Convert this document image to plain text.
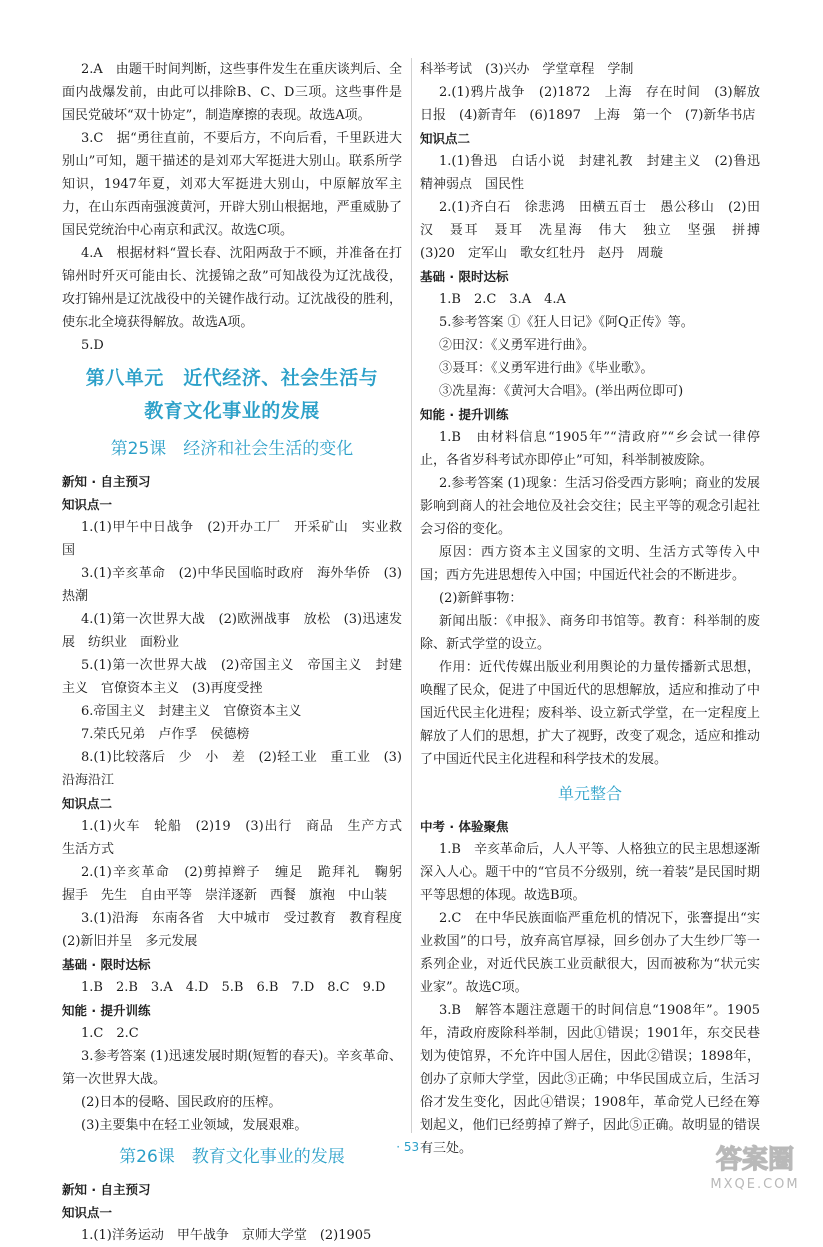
2.A　由题干时间判断，这些事件发生在重庆谈判后、全面内战爆发前，由此可以排除B、C、D三项。这些事件是国民党破坏“双十协定”，制造摩擦的表现。故选A项。

3.C　据“勇往直前，不要后方，不向后看，千里跃进大别山”可知，题干描述的是刘邓大军挺进大别山。联系所学知识，1947年夏，刘邓大军挺进大别山，中原解放军主力，在山东西南强渡黄河，开辟大别山根据地，严重威胁了国民党统治中心南京和武汉。故选C项。

4.A　根据材料“置长春、沈阳两敌于不顾，并准备在打锦州时歼灭可能由长、沈援锦之敌”可知战役为辽沈战役，攻打锦州是辽沈战役中的关键作战行动。辽沈战役的胜利，使东北全境获得解放。故选A项。

5.D

第八单元　近代经济、社会生活与
教育文化事业的发展
第25课　经济和社会生活的变化

新知 · 自主预习

知识点一

1.(1)甲午中日战争　(2)开办工厂　开采矿山　实业救国

3.(1)辛亥革命　(2)中华民国临时政府　海外华侨　(3)热潮

4.(1)第一次世界大战　(2)欧洲战事　放松　(3)迅速发展　纺织业　面粉业

5.(1)第一次世界大战　(2)帝国主义　帝国主义　封建主义　官僚资本主义　(3)再度受挫

6.帝国主义　封建主义　官僚资本主义

7.荣氏兄弟　卢作孚　侯德榜

8.(1)比较落后　少　小　差　(2)轻工业　重工业　(3)沿海沿江

知识点二

1.(1)火车　轮船　(2)19　(3)出行　商品　生产方式　生活方式

2.(1)辛亥革命　(2)剪掉辫子　缠足　跪拜礼　鞠躬　握手　先生　自由平等　崇洋逐新　西餐　旗袍　中山装

3.(1)沿海　东南各省　大中城市　受过教育　教育程度　(2)新旧并呈　多元发展

基础 · 限时达标

1.B　2.B　3.A　4.D　5.B　6.B　7.D　8.C　9.D

知能 · 提升训练

1.C　2.C

3.参考答案 (1)迅速发展时期(短暂的春天)。辛亥革命、第一次世界大战。

(2)日本的侵略、国民政府的压榨。

(3)主要集中在轻工业领域，发展艰难。

第26课　教育文化事业的发展

新知 · 自主预习

知识点一

1.(1)洋务运动　甲午战争　京师大学堂　(2)1905

科举考试　(3)兴办　学堂章程　学制

2.(1)鸦片战争　(2)1872　上海　存在时间　(3)解放日报　(4)新青年　(6)1897　上海　第一个　(7)新华书店

知识点二

1.(1)鲁迅　白话小说　封建礼教　封建主义　(2)鲁迅　精神弱点　国民性

2.(1)齐白石　徐悲鸿　田横五百士　愚公移山　(2)田汉　聂耳　聂耳　冼星海　伟大　独立　坚强　拼搏　(3)20　定军山　歌女红牡丹　赵丹　周璇

基础 · 限时达标

1.B　2.C　3.A　4.A

5.参考答案 ①《狂人日记》《阿Q正传》等。

②田汉：《义勇军进行曲》。

③聂耳：《义勇军进行曲》《毕业歌》。

③冼星海：《黄河大合唱》。(举出两位即可)

知能 · 提升训练

1.B　由材料信息“1905年”“清政府”“乡会试一律停止，各省岁科考试亦即停止”可知，科举制被废除。

2.参考答案 (1)现象：生活习俗受西方影响；商业的发展影响到商人的社会地位及社会交往；民主平等的观念引起社会习俗的变化。

原因：西方资本主义国家的文明、生活方式等传入中国；西方先进思想传入中国；中国近代社会的不断进步。

(2)新鲜事物：

新闻出版：《申报》、商务印书馆等。教育：科举制的废除、新式学堂的设立。

作用：近代传媒出版业利用舆论的力量传播新式思想，唤醒了民众，促进了中国近代的思想解放，适应和推动了中国近代民主化进程；废科举、设立新式学堂，在一定程度上解放了人们的思想，扩大了视野，改变了观念，适应和推动了中国近代民主化进程和科学技术的发展。

单元整合

中考 · 体验聚焦

1.B　辛亥革命后，人人平等、人格独立的民主思想逐渐深入人心。题干中的“官员不分级别，统一着装”是民国时期平等思想的体现。故选B项。

2.C　在中华民族面临严重危机的情况下，张謇提出“实业救国”的口号，放弃高官厚禄，回乡创办了大生纱厂等一系列企业，对近代民族工业贡献很大，因而被称为“状元实业家”。故选C项。

3.B　解答本题注意题干的时间信息“1908年”。1905年，清政府废除科举制，因此①错误；1901年，东交民巷划为使馆界，不允许中国人居住，因此②错误；1898年，创办了京师大学堂，因此③正确；中华民国成立后，生活习俗才发生变化，因此④错误；1908年，革命党人已经在筹划起义，他们已经剪掉了辫子，因此⑤正确。故明显的错误有三处。

· 53 ·	答案圈
MXQE.COM
